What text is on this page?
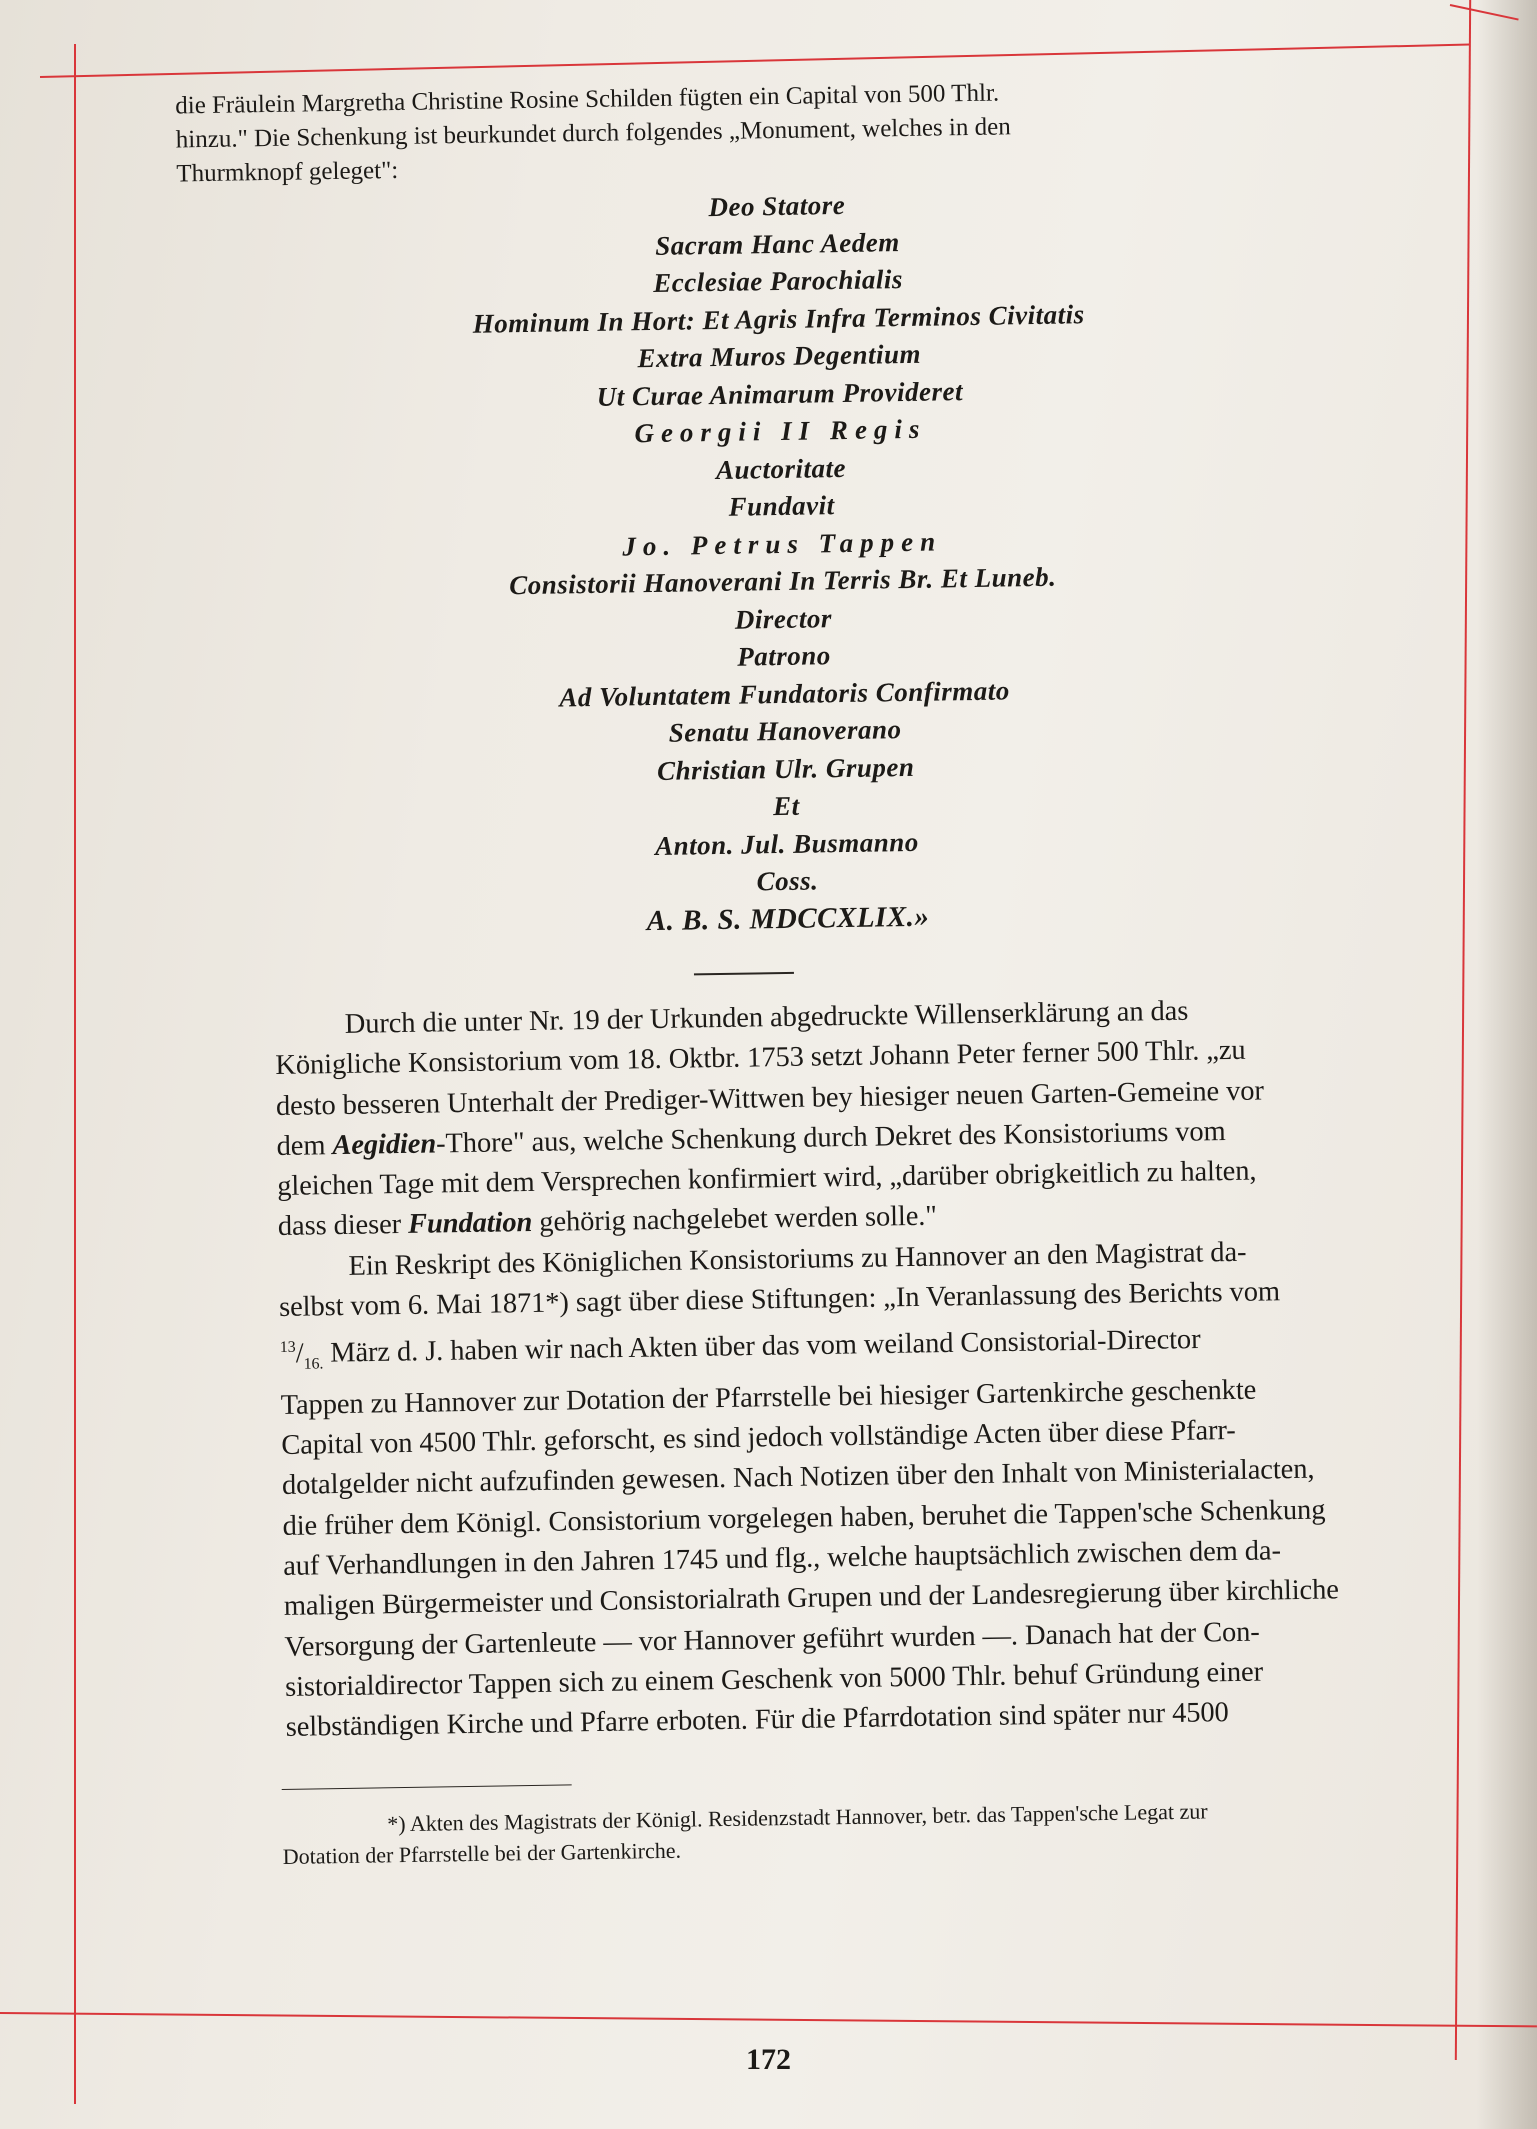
die Fräulein Margretha Christine Rosine Schilden fügten ein Capital von 500 Thlr.
hinzu." Die Schenkung ist beurkundet durch folgendes „Monument, welches in den
Thurmknopf geleget":
Deo Statore
Sacram Hanc Aedem
Ecclesiae Parochialis
Hominum In Hort: Et Agris Infra Terminos Civitatis
Extra Muros Degentium
Ut Curae Animarum Provideret
Georgii II Regis
Auctoritate
Fundavit
Jo. Petrus Tappen
Consistorii Hanoverani In Terris Br. Et Luneb.
Director
Patrono
Ad Voluntatem Fundatoris Confirmato
Senatu Hanoverano
Christian Ulr. Grupen
Et
Anton. Jul. Busmanno
Coss.
A. B. S. MDCCXLIX.»
Durch die unter Nr. 19 der Urkunden abgedruckte Willenserklärung an das
Königliche Konsistorium vom 18. Oktbr. 1753 setzt Johann Peter ferner 500 Thlr. „zu
desto besseren Unterhalt der Prediger-Wittwen bey hiesiger neuen Garten-Gemeine vor
dem Aegidien-Thore" aus, welche Schenkung durch Dekret des Konsistoriums vom
gleichen Tage mit dem Versprechen konfirmiert wird, „darüber obrigkeitlich zu halten,
dass dieser Fundation gehörig nachgelebet werden solle."
Ein Reskript des Königlichen Konsistoriums zu Hannover an den Magistrat da-
selbst vom 6. Mai 1871*) sagt über diese Stiftungen: „In Veranlassung des Berichts vom
$^{13}/_{16.}$ März d. J. haben wir nach Akten über das vom weiland Consistorial-Director
Tappen zu Hannover zur Dotation der Pfarrstelle bei hiesiger Gartenkirche geschenkte
Capital von 4500 Thlr. geforscht, es sind jedoch vollständige Acten über diese Pfarr-
dotalgelder nicht aufzufinden gewesen. Nach Notizen über den Inhalt von Ministerialacten,
die früher dem Königl. Consistorium vorgelegen haben, beruhet die Tappen'sche Schenkung
auf Verhandlungen in den Jahren 1745 und flg., welche hauptsächlich zwischen dem da-
maligen Bürgermeister und Consistorialrath Grupen und der Landesregierung über kirchliche
Versorgung der Gartenleute — vor Hannover geführt wurden —. Danach hat der Con-
sistorialdirector Tappen sich zu einem Geschenk von 5000 Thlr. behuf Gründung einer
selbständigen Kirche und Pfarre erboten. Für die Pfarrdotation sind später nur 4500
*) Akten des Magistrats der Königl. Residenzstadt Hannover, betr. das Tappen'sche Legat zur
Dotation der Pfarrstelle bei der Gartenkirche.
172
